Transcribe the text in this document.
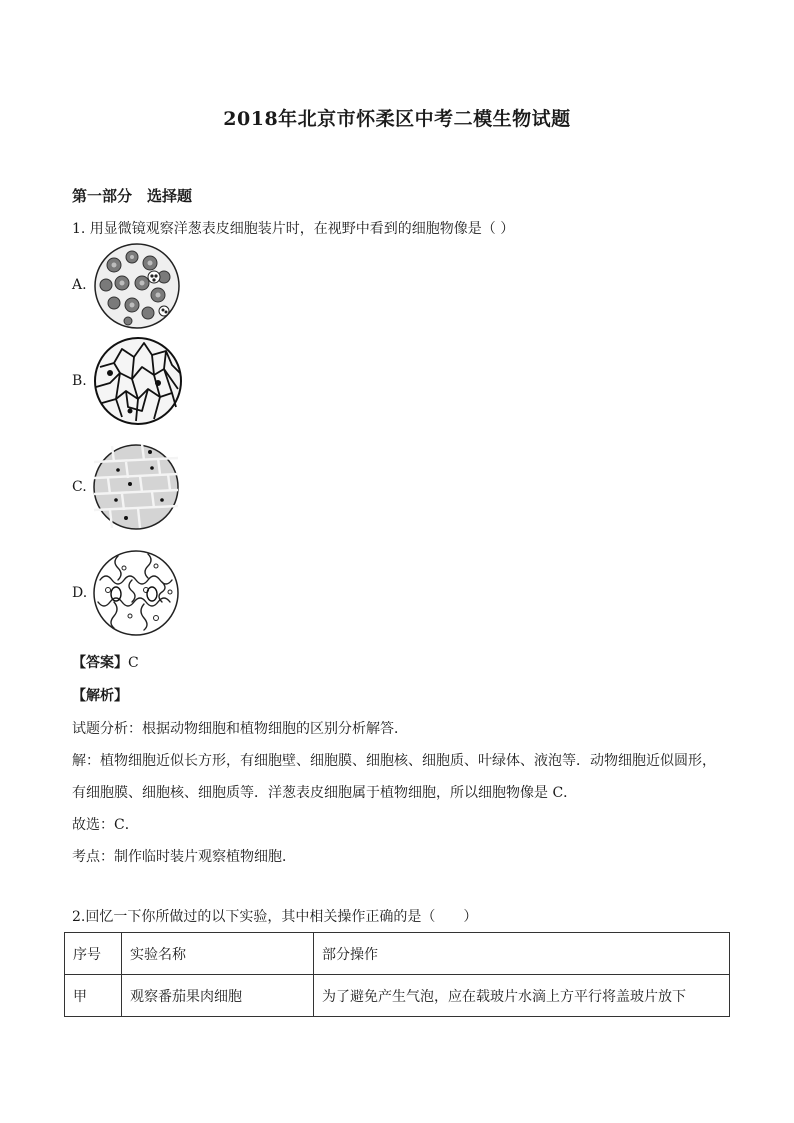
2018年北京市怀柔区中考二模生物试题
第一部分　选择题
1. 用显微镜观察洋葱表皮细胞装片时，在视野中看到的细胞物像是（ ）
A.
B.
C.
D.
【答案】C
【解析】
试题分析：根据动物细胞和植物细胞的区别分析解答．
解：植物细胞近似长方形，有细胞壁、细胞膜、细胞核、细胞质、叶绿体、液泡等．动物细胞近似圆形，
有细胞膜、细胞核、细胞质等．洋葱表皮细胞属于植物细胞，所以细胞物像是 C．
故选：C．
考点：制作临时装片观察植物细胞．
2.回忆一下你所做过的以下实验，其中相关操作正确的是（　　）
序号	实验名称	部分操作
甲	观察番茄果肉细胞	为了避免产生气泡，应在载玻片水滴上方平行将盖玻片放下
